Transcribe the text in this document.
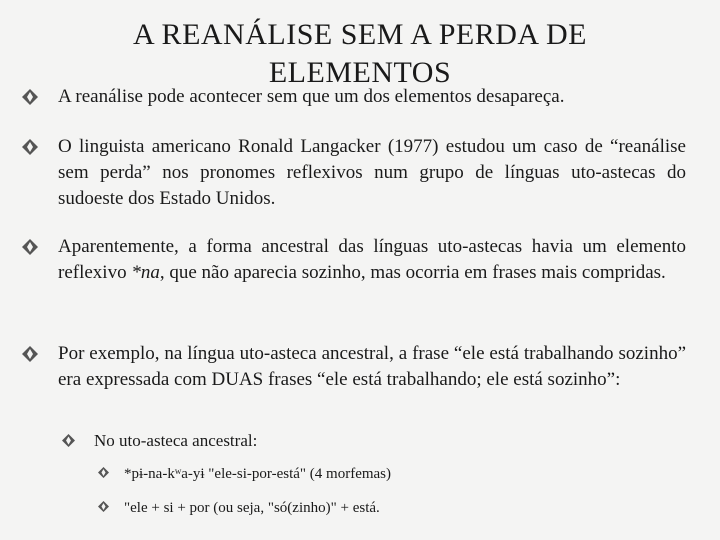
A REANÁLISE SEM A PERDA DE ELEMENTOS
A reanálise pode acontecer sem que um dos elementos desapareça.
O linguista americano Ronald Langacker (1977) estudou um caso de “reanálise sem perda” nos pronomes reflexivos num grupo de línguas uto-astecas do sudoeste dos Estado Unidos.
Aparentemente, a forma ancestral das línguas uto-astecas havia um elemento reflexivo *na, que não aparecia sozinho, mas ocorria em frases mais compridas.
Por exemplo, na língua uto-asteca ancestral, a frase “ele está trabalhando sozinho” era expressada com DUAS frases “ele está trabalhando; ele está sozinho”:
No uto-asteca ancestral:
*pɨ-na-kʷa-yɨ "ele-si-por-está" (4 morfemas)
"ele + si + por (ou seja, "só(zinho)" + está.
